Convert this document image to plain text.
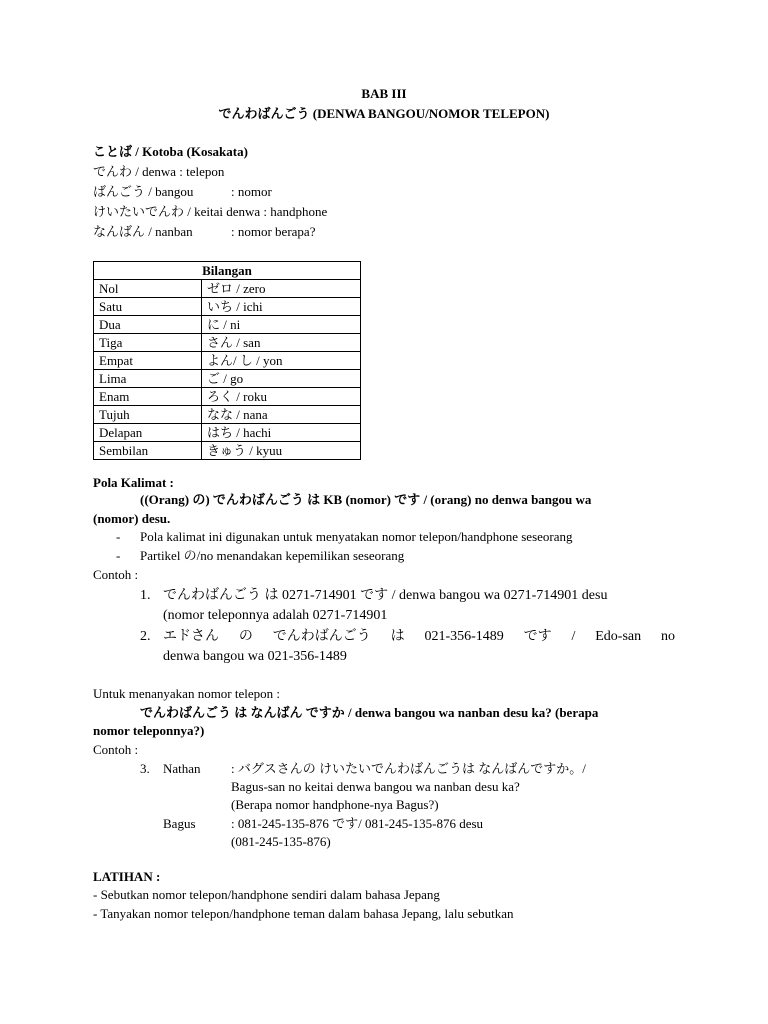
BAB III
でんわばんごう (DENWA BANGOU/NOMOR TELEPON)
ことば / Kotoba (Kosakata)
でんわ / denwa : telepon
ばんごう / bangou	: nomor
けいたいでんわ / keitai denwa : handphone
なんばん / nanban	: nomor berapa?
Bilangan	
Nol	ゼロ / zero
Satu	いち / ichi
Dua	に / ni
Tiga	さん / san
Empat	よん/ し / yon
Lima	ご / go
Enam	ろく / roku
Tujuh	なな / nana
Delapan	はち / hachi
Sembilan	きゅう / kyuu
Pola Kalimat :
((Orang) の) でんわばんごう は KB (nomor) です / (orang) no denwa bangou wa
(nomor) desu.
- Pola kalimat ini digunakan untuk menyatakan nomor telepon/handphone seseorang
- Partikel の/no menandakan kepemilikan seseorang
Contoh :
1. でんわばんごう は 0271-714901 です / denwa bangou wa 0271-714901 desu
(nomor teleponnya adalah 0271-714901
2. エドさん の でんわばんごう は 021-356-1489 です / Edo-san no
denwa bangou wa 021-356-1489
Untuk menanyakan nomor telepon :
でんわばんごう は なんばん ですか / denwa bangou wa nanban desu ka? (berapa
nomor teleponnya?)
Contoh :
3. Nathan : バグスさんの けいたいでんわばんごうは なんばんですか。/
Bagus-san no keitai denwa bangou wa nanban desu ka?
(Berapa nomor handphone-nya Bagus?)
Bagus	: 081-245-135-876 です/ 081-245-135-876 desu
(081-245-135-876)
LATIHAN :
- Sebutkan nomor telepon/handphone sendiri dalam bahasa Jepang
- Tanyakan nomor telepon/handphone teman dalam bahasa Jepang, lalu sebutkan
